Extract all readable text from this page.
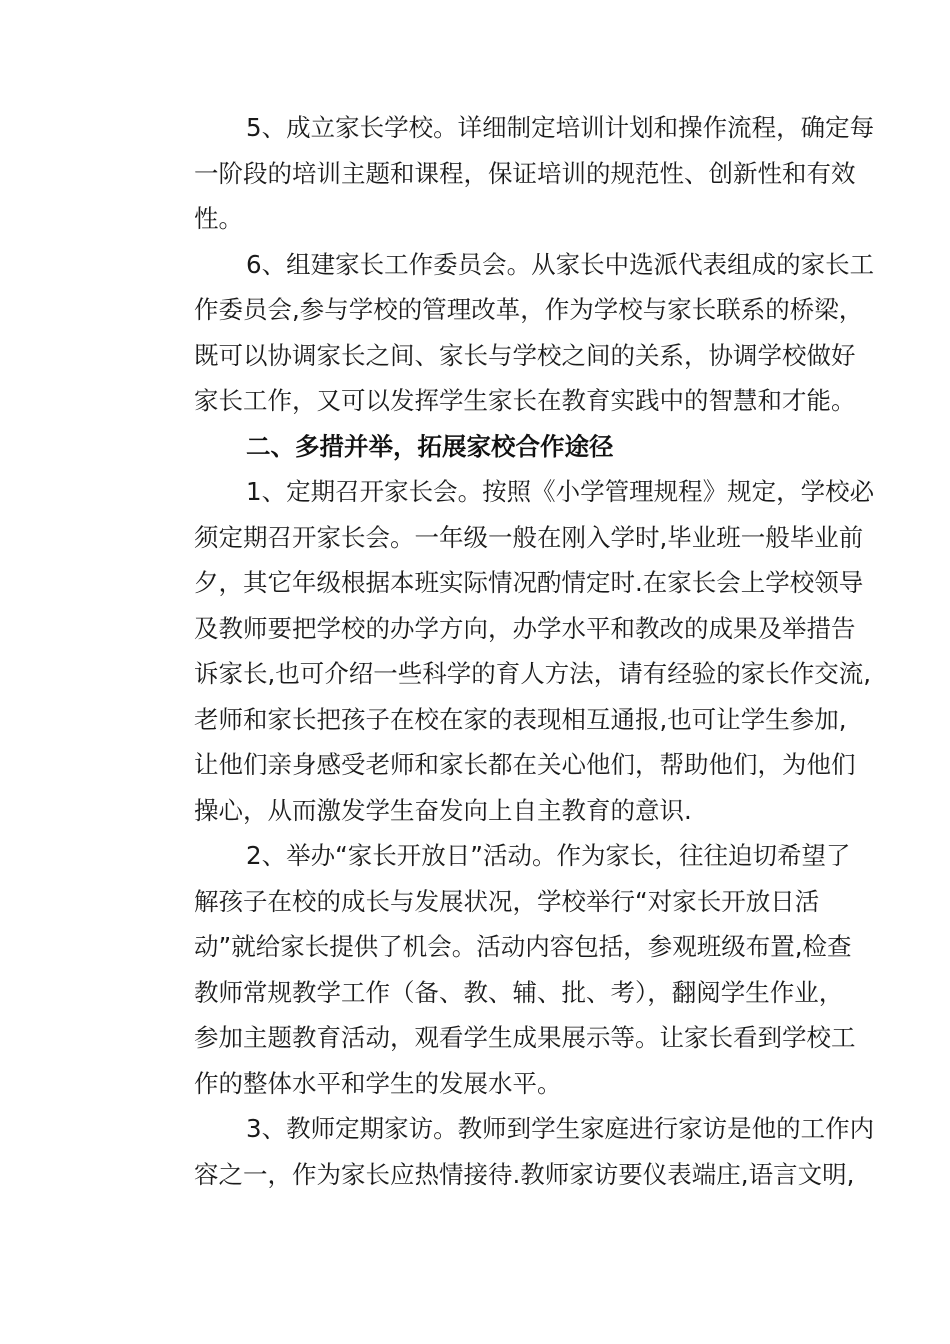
5、成立家长学校。详细制定培训计划和操作流程，确定每
一阶段的培训主题和课程，保证培训的规范性、创新性和有效
性。
6、组建家长工作委员会。从家长中选派代表组成的家长工
作委员会,参与学校的管理改革，作为学校与家长联系的桥梁，
既可以协调家长之间、家长与学校之间的关系，协调学校做好
家长工作，又可以发挥学生家长在教育实践中的智慧和才能。
二、多措并举，拓展家校合作途径
1、定期召开家长会。按照《小学管理规程》规定，学校必
须定期召开家长会。一年级一般在刚入学时,毕业班一般毕业前
夕，其它年级根据本班实际情况酌情定时.在家长会上学校领导
及教师要把学校的办学方向，办学水平和教改的成果及举措告
诉家长,也可介绍一些科学的育人方法，请有经验的家长作交流,
老师和家长把孩子在校在家的表现相互通报,也可让学生参加,
让他们亲身感受老师和家长都在关心他们，帮助他们，为他们
操心，从而激发学生奋发向上自主教育的意识.
2、举办“家长开放日”活动。作为家长，往往迫切希望了
解孩子在校的成长与发展状况，学校举行“对家长开放日活
动”就给家长提供了机会。活动内容包括，参观班级布置,检查
教师常规教学工作（备、教、辅、批、考），翻阅学生作业，
参加主题教育活动，观看学生成果展示等。让家长看到学校工
作的整体水平和学生的发展水平。
3、教师定期家访。教师到学生家庭进行家访是他的工作内
容之一，作为家长应热情接待.教师家访要仪表端庄,语言文明,
